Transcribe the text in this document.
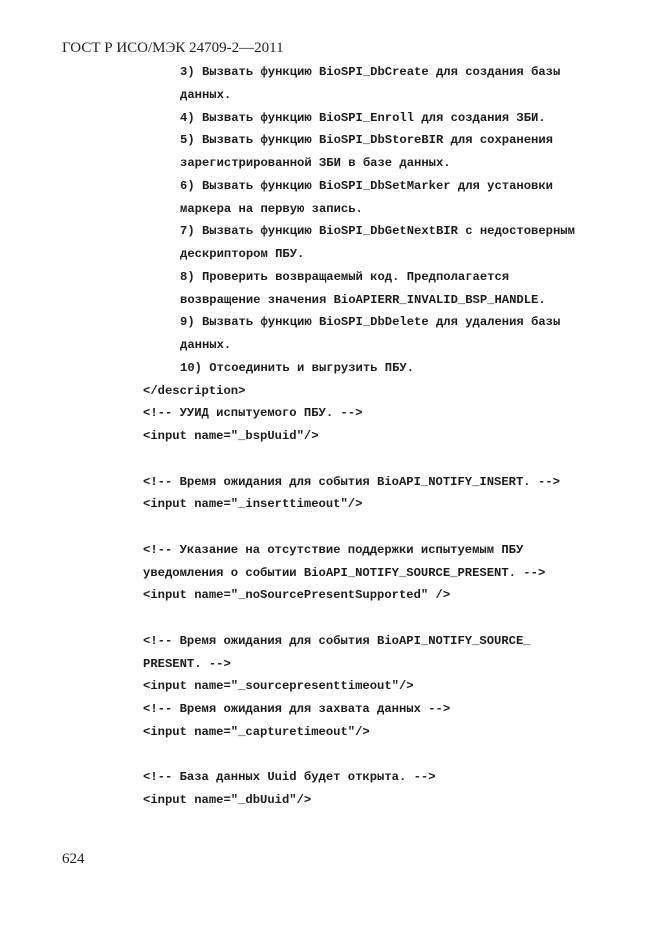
ГОСТ Р ИСО/МЭК 24709-2—2011
3) Вызвать функцию BioSPI_DbCreate для создания базы
данных.
4) Вызвать функцию BioSPI_Enroll для создания ЗБИ.
5) Вызвать функцию BioSPI_DbStoreBIR для сохранения
зарегистрированной ЗБИ в базе данных.
6) Вызвать функцию BioSPI_DbSetMarker для установки
маркера на первую запись.
7) Вызвать функцию BioSPI_DbGetNextBIR с недостоверным
дескриптором ПБУ.
8) Проверить возвращаемый код. Предполагается
возвращение значения BioAPIERR_INVALID_BSP_HANDLE.
9) Вызвать функцию BioSPI_DbDelete для удаления базы
данных.
10) Отсоединить и выгрузить ПБУ.
</description>
<!-- УУИД испытуемого ПБУ. -->
<input name="_bspUuid"/>
<!-- Время ожидания для события BioAPI_NOTIFY_INSERT. -->
<input name="_inserttimeout"/>
<!-- Указание на отсутствие поддержки испытуемым ПБУ
уведомления о событии BioAPI_NOTIFY_SOURCE_PRESENT. -->
<input name="_noSourcePresentSupported" />
<!-- Время ожидания для события BioAPI_NOTIFY_SOURCE_
PRESENT. -->
<input name="_sourcepresenttimeout"/>
<!-- Время ожидания для захвата данных -->
<input name="_capturetimeout"/>
<!-- База данных Uuid будет открыта. -->
<input name="_dbUuid"/>
624
